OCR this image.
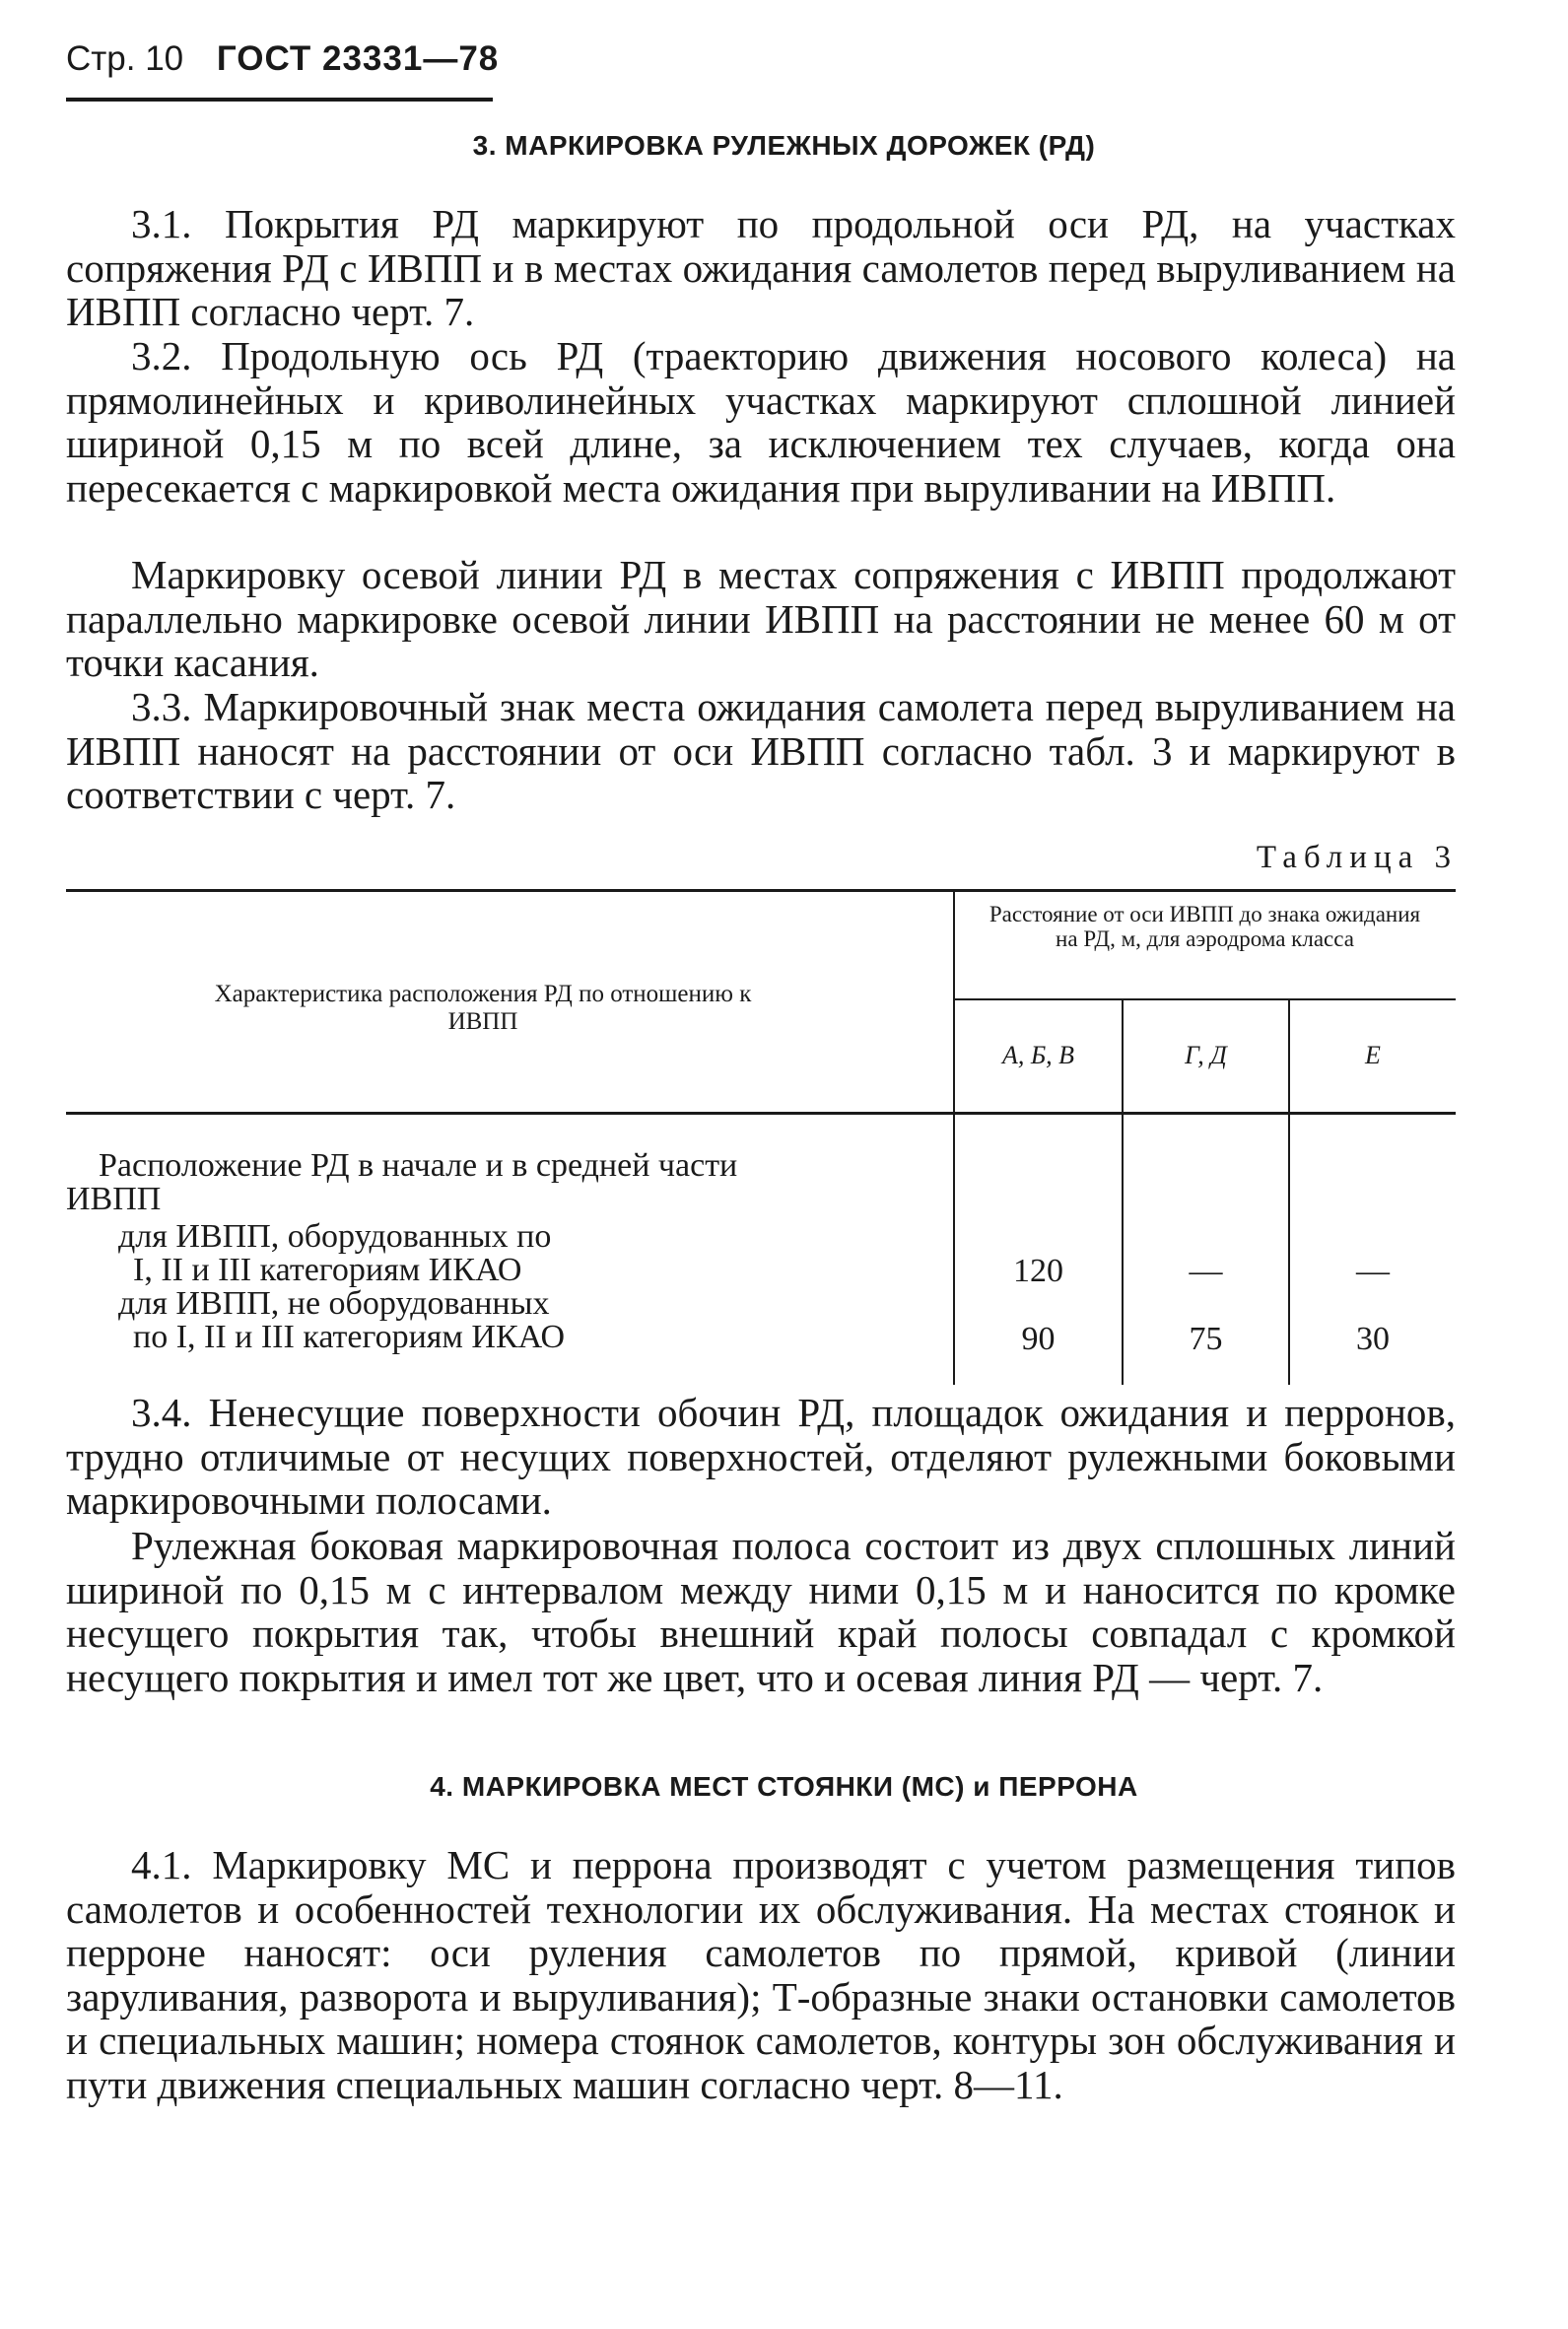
Стр. 10 ГОСТ 23331—78
3. МАРКИРОВКА РУЛЕЖНЫХ ДОРОЖЕК (РД)

3.1. Покрытия РД маркируют по продольной оси РД, на участках сопряжения РД с ИВПП и в местах ожидания самолетов перед выруливанием на ИВПП согласно черт. 7.

3.2. Продольную ось РД (траекторию движения носового колеса) на прямолинейных и криволинейных участках маркируют сплошной линией шириной 0,15 м по всей длине, за исключением тех случаев, когда она пересекается с маркировкой места ожидания при выруливании на ИВПП.

Маркировку осевой линии РД в местах сопряжения с ИВПП продолжают параллельно маркировке осевой линии ИВПП на расстоянии не менее 60 м от точки касания.

3.3. Маркировочный знак места ожидания самолета перед выруливанием на ИВПП наносят на расстоянии от оси ИВПП согласно табл. 3 и маркируют в соответствии с черт. 7.

Таблица 3
Характеристика расположения РД по отношению к ИВПП
Расстояние от оси ИВПП до знака ожидания на РД, м, для аэродрома класса
А, Б, В	Г, Д	Е
Расположение РД в начале и в средней части
ИВПП
для ИВПП, оборудованных по
I, II и III категориям ИКАО	120	—	—
для ИВПП, не оборудованных
по I, II и III категориям ИКАО	90	75	30

3.4. Ненесущие поверхности обочин РД, площадок ожидания и перронов, трудно отличимые от несущих поверхностей, отделяют рулежными боковыми маркировочными полосами.

Рулежная боковая маркировочная полоса состоит из двух сплошных линий шириной по 0,15 м с интервалом между ними 0,15 м и наносится по кромке несущего покрытия так, чтобы внешний край полосы совпадал с кромкой несущего покрытия и имел тот же цвет, что и осевая линия РД — черт. 7.

4. МАРКИРОВКА МЕСТ СТОЯНКИ (МС) и ПЕРРОНА

4.1. Маркировку МС и перрона производят с учетом размещения типов самолетов и особенностей технологии их обслуживания. На местах стоянок и перроне наносят: оси руления самолетов по прямой, кривой (линии заруливания, разворота и выруливания); Т-образные знаки остановки самолетов и специальных машин; номера стоянок самолетов, контуры зон обслуживания и пути движения специальных машин согласно черт. 8—11.
